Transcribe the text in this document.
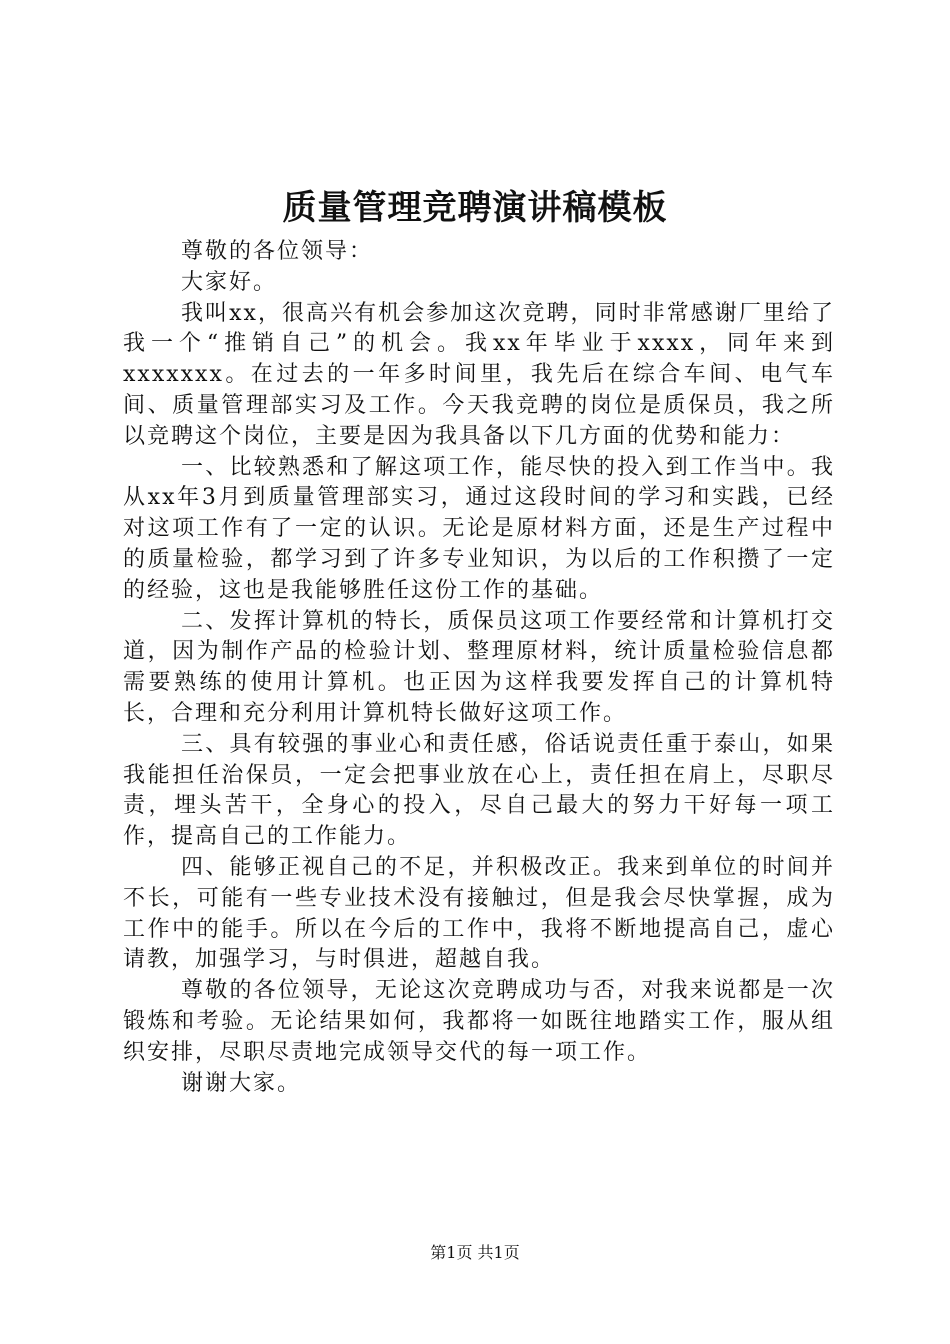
质量管理竞聘演讲稿模板

尊敬的各位领导：

大家好。

我叫xx，很高兴有机会参加这次竞聘，同时非常感谢厂里给了我一个“推销自己”的机会。我xx年毕业于xxxx，同年来到xxxxxxx。在过去的一年多时间里，我先后在综合车间、电气车间、质量管理部实习及工作。今天我竞聘的岗位是质保员，我之所以竞聘这个岗位，主要是因为我具备以下几方面的优势和能力：

一、比较熟悉和了解这项工作，能尽快的投入到工作当中。我从xx年3月到质量管理部实习，通过这段时间的学习和实践，已经对这项工作有了一定的认识。无论是原材料方面，还是生产过程中的质量检验，都学习到了许多专业知识，为以后的工作积攒了一定的经验，这也是我能够胜任这份工作的基础。

二、发挥计算机的特长，质保员这项工作要经常和计算机打交道，因为制作产品的检验计划、整理原材料，统计质量检验信息都需要熟练的使用计算机。也正因为这样我要发挥自己的计算机特长，合理和充分利用计算机特长做好这项工作。

三、具有较强的事业心和责任感，俗话说责任重于泰山，如果我能担任治保员，一定会把事业放在心上，责任担在肩上，尽职尽责，埋头苦干，全身心的投入，尽自己最大的努力干好每一项工作，提高自己的工作能力。

四、能够正视自己的不足，并积极改正。我来到单位的时间并不长，可能有一些专业技术没有接触过，但是我会尽快掌握，成为工作中的能手。所以在今后的工作中，我将不断地提高自己，虚心请教，加强学习，与时俱进，超越自我。

尊敬的各位领导，无论这次竞聘成功与否，对我来说都是一次锻炼和考验。无论结果如何，我都将一如既往地踏实工作，服从组织安排，尽职尽责地完成领导交代的每一项工作。

谢谢大家。

第1页 共1页
